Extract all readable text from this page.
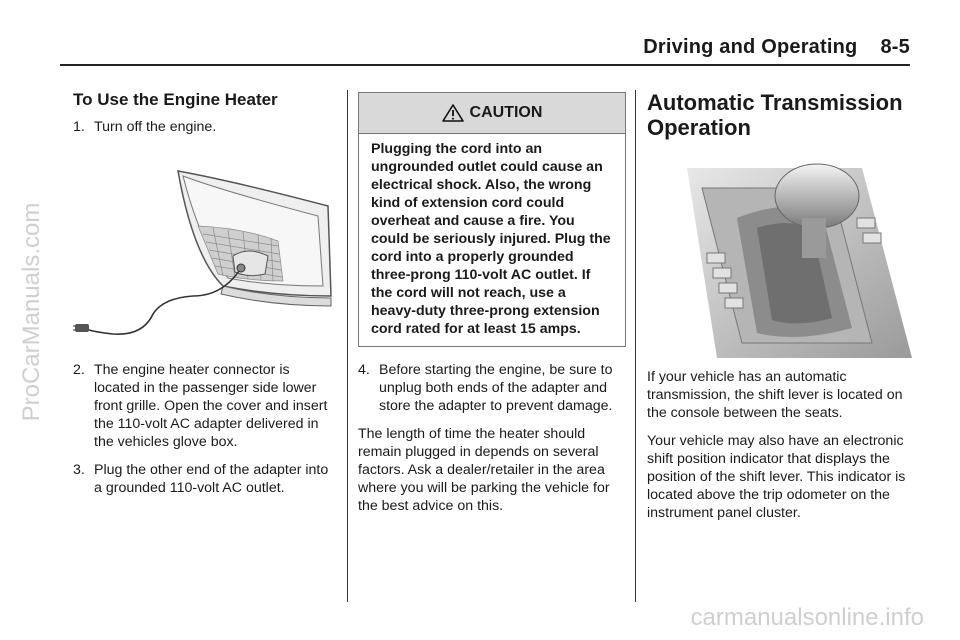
Driving and Operating    8-5
ProCarManuals.com
carmanualsonline.info
To Use the Engine Heater
1. Turn off the engine.
2. The engine heater connector is located in the passenger side lower front grille. Open the cover and insert the 110-volt AC adapter delivered in the vehicles glove box.
3. Plug the other end of the adapter into a grounded 110-volt AC outlet.
CAUTION
Plugging the cord into an ungrounded outlet could cause an electrical shock. Also, the wrong kind of extension cord could overheat and cause a fire. You could be seriously injured. Plug the cord into a properly grounded three-prong 110-volt AC outlet. If the cord will not reach, use a heavy-duty three-prong extension cord rated for at least 15 amps.
4. Before starting the engine, be sure to unplug both ends of the adapter and store the adapter to prevent damage.

The length of time the heater should remain plugged in depends on several factors. Ask a dealer/retailer in the area where you will be parking the vehicle for the best advice on this.

Automatic Transmission Operation

If your vehicle has an automatic transmission, the shift lever is located on the console between the seats.

Your vehicle may also have an electronic shift position indicator that displays the position of the shift lever. This indicator is located above the trip odometer on the instrument panel cluster.
